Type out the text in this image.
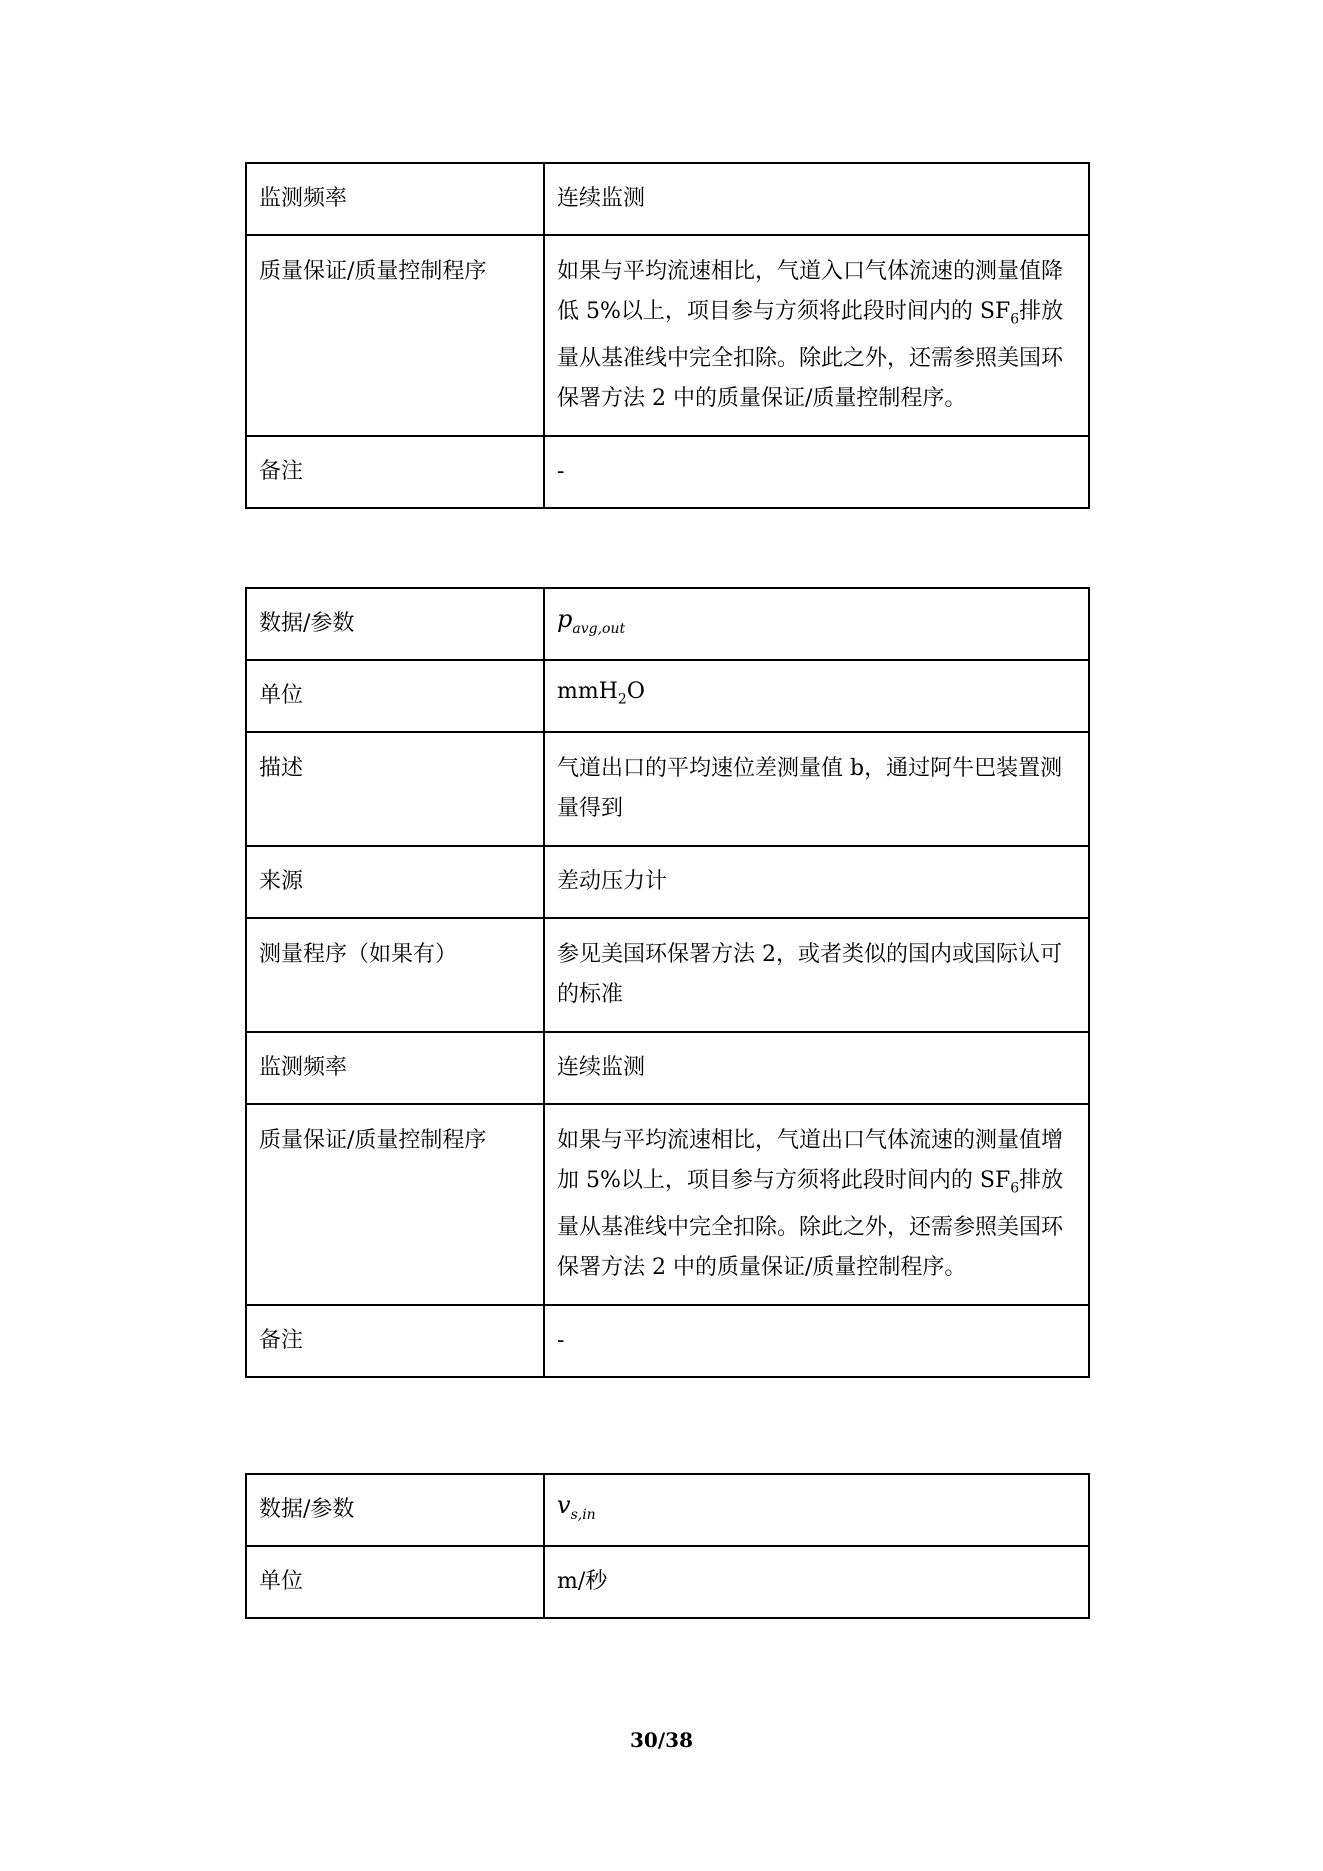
监测频率	连续监测
质量保证/质量控制程序	如果与平均流速相比，气道入口气体流速的测量值降低 5%以上，项目参与方须将此段时间内的 $SF_6$排放量从基准线中完全扣除。除此之外，还需参照美国环保署方法 2 中的质量保证/质量控制程序。
备注	-
数据/参数	$p_{avg,out}$
单位	mmH$_2$O
描述	气道出口的平均速位差测量值 b，通过阿牛巴装置测量得到
来源	差动压力计
测量程序（如果有）	参见美国环保署方法 2，或者类似的国内或国际认可的标准
监测频率	连续监测
质量保证/质量控制程序	如果与平均流速相比，气道出口气体流速的测量值增加 5%以上，项目参与方须将此段时间内的 $SF_6$排放量从基准线中完全扣除。除此之外，还需参照美国环保署方法 2 中的质量保证/质量控制程序。
备注	-
数据/参数	$v_{s,in}$
单位	m/秒
30/38
